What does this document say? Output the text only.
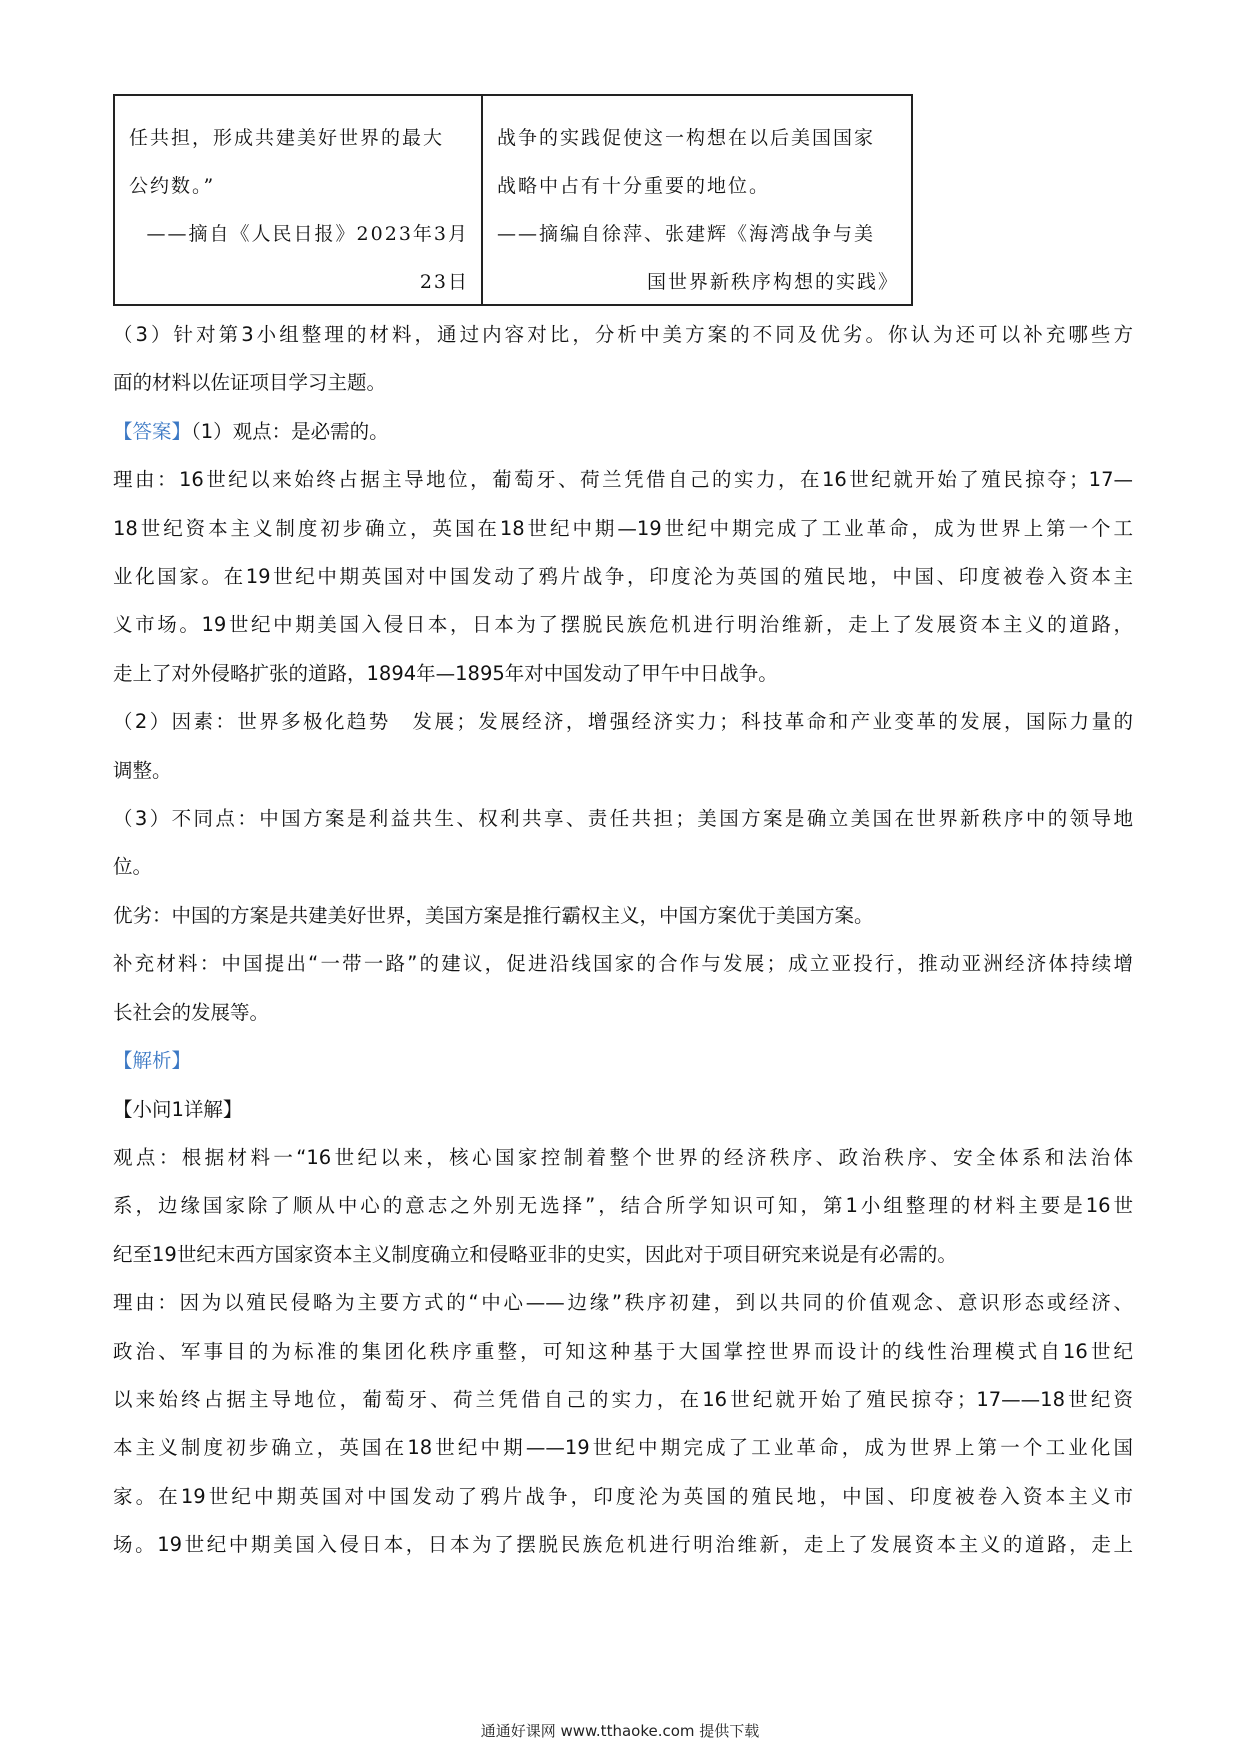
任共担，形成共建美好世界的最大
公约数。”
——摘自《人民日报》2023年3月
23日
战争的实践促使这一构想在以后美国国家
战略中占有十分重要的地位。
——摘编自徐萍、张建辉《海湾战争与美
国世界新秩序构想的实践》

（3）针对第3小组整理的材料，通过内容对比，分析中美方案的不同及优劣。你认为还可以补充哪些方

面的材料以佐证项目学习主题。

【答案】（1）观点：是必需的。

理由：16世纪以来始终占据主导地位，葡萄牙、荷兰凭借自己的实力，在16世纪就开始了殖民掠夺；17—

18世纪资本主义制度初步确立，英国在18世纪中期—19世纪中期完成了工业革命，成为世界上第一个工

业化国家。在19世纪中期英国对中国发动了鸦片战争，印度沦为英国的殖民地，中国、印度被卷入资本主

义市场。19世纪中期美国入侵日本，日本为了摆脱民族危机进行明治维新，走上了发展资本主义的道路，

走上了对外侵略扩张的道路，1894年—1895年对中国发动了甲午中日战争。

（2）因素：世界多极化趋势　发展；发展经济，增强经济实力；科技革命和产业变革的发展，国际力量的

调整。

（3）不同点：中国方案是利益共生、权利共享、责任共担；美国方案是确立美国在世界新秩序中的领导地

位。

优劣：中国的方案是共建美好世界，美国方案是推行霸权主义，中国方案优于美国方案。

补充材料：中国提出“一带一路”的建议，促进沿线国家的合作与发展；成立亚投行，推动亚洲经济体持续增

长社会的发展等。

【解析】

【小问1详解】

观点：根据材料一“16世纪以来，核心国家控制着整个世界的经济秩序、政治秩序、安全体系和法治体

系，边缘国家除了顺从中心的意志之外别无选择”，结合所学知识可知，第1小组整理的材料主要是16世

纪至19世纪末西方国家资本主义制度确立和侵略亚非的史实，因此对于项目研究来说是有必需的。

理由：因为以殖民侵略为主要方式的“中心——边缘”秩序初建，到以共同的价值观念、意识形态或经济、

政治、军事目的为标准的集团化秩序重整，可知这种基于大国掌控世界而设计的线性治理模式自16世纪

以来始终占据主导地位，葡萄牙、荷兰凭借自己的实力，在16世纪就开始了殖民掠夺；17——18世纪资

本主义制度初步确立，英国在18世纪中期——19世纪中期完成了工业革命，成为世界上第一个工业化国

家。在19世纪中期英国对中国发动了鸦片战争，印度沦为英国的殖民地，中国、印度被卷入资本主义市

场。19世纪中期美国入侵日本，日本为了摆脱民族危机进行明治维新，走上了发展资本主义的道路，走上

通通好课网 www.tthaoke.com 提供下载
